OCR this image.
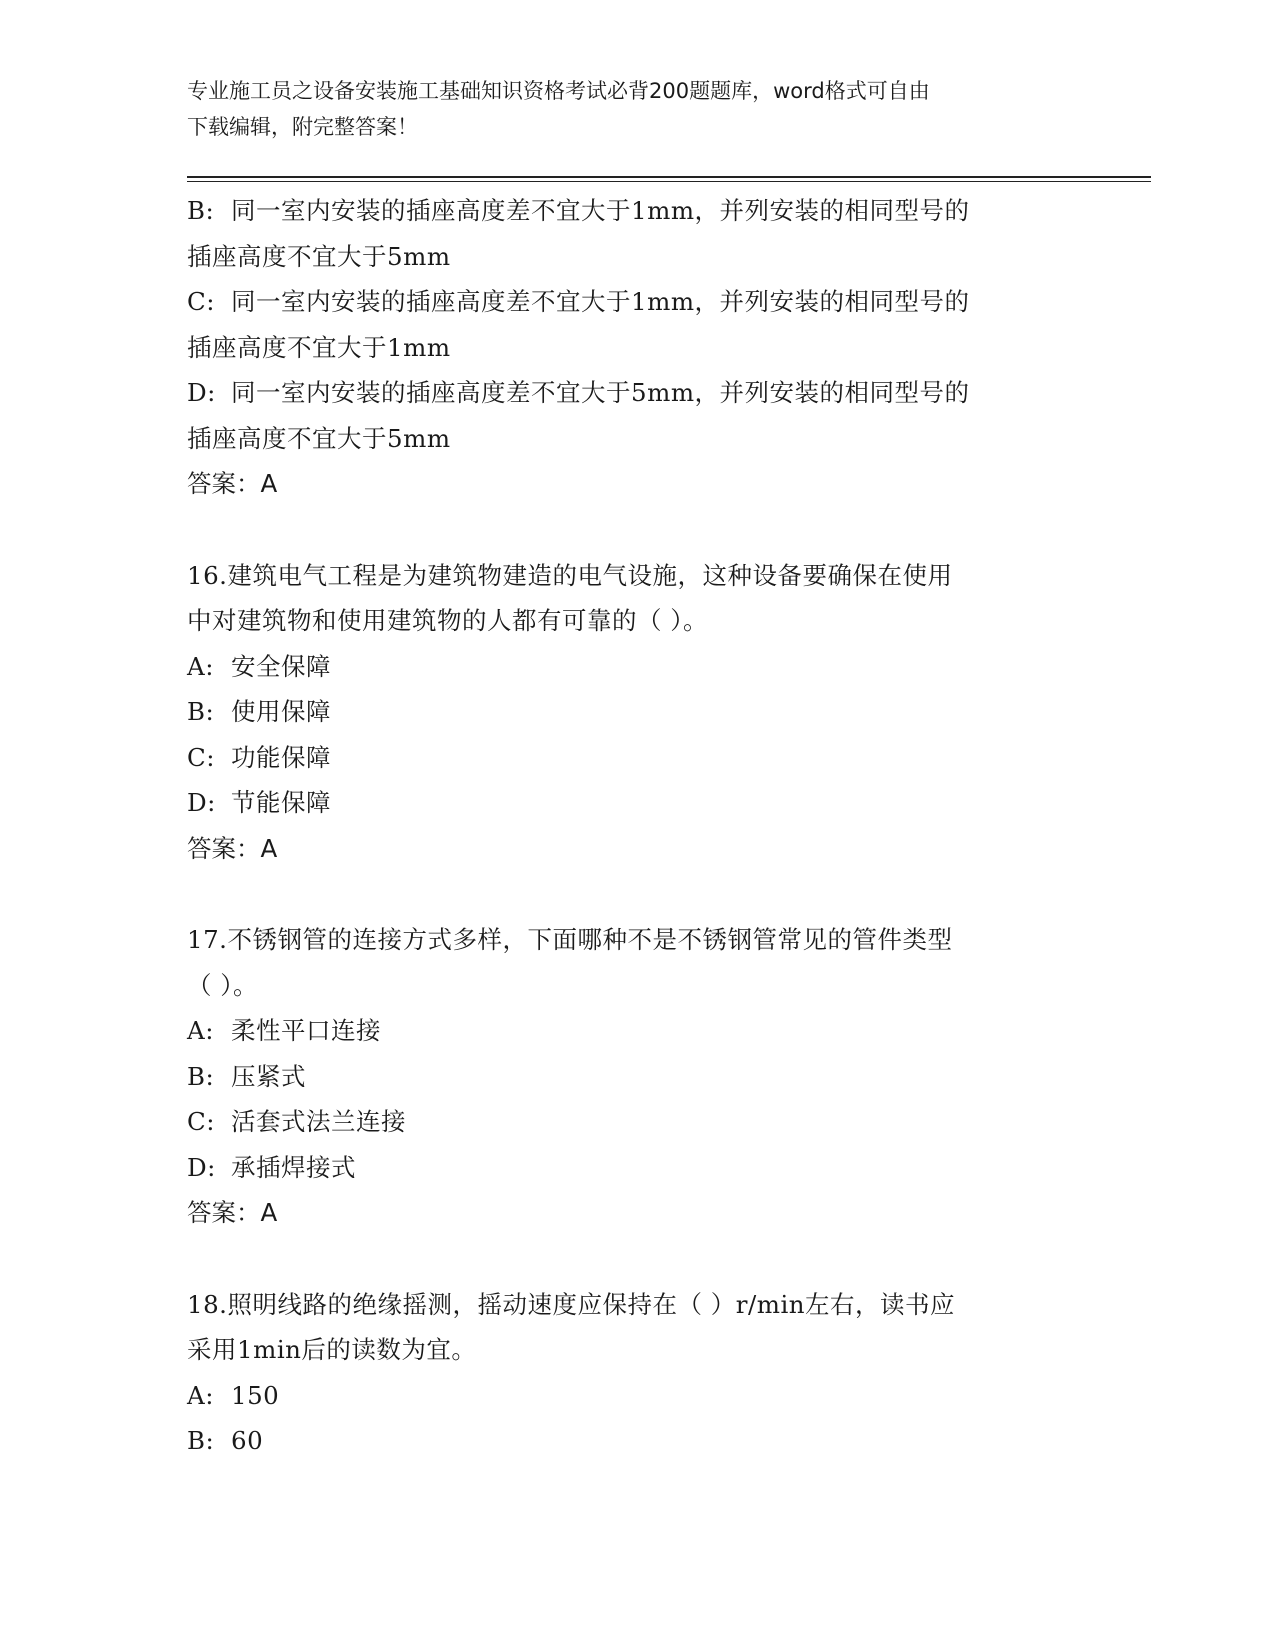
专业施工员之设备安装施工基础知识资格考试必背200题题库，word格式可自由
下载编辑，附完整答案！
B: 同一室内安装的插座高度差不宜大于1mm，并列安装的相同型号的
插座高度不宜大于5mm
C: 同一室内安装的插座高度差不宜大于1mm，并列安装的相同型号的
插座高度不宜大于1mm
D: 同一室内安装的插座高度差不宜大于5mm，并列安装的相同型号的
插座高度不宜大于5mm
答案：A
16.建筑电气工程是为建筑物建造的电气设施，这种设备要确保在使用
中对建筑物和使用建筑物的人都有可靠的（ ）。
A: 安全保障
B: 使用保障
C: 功能保障
D: 节能保障
答案：A
17.不锈钢管的连接方式多样，下面哪种不是不锈钢管常见的管件类型
（ ）。
A: 柔性平口连接
B: 压紧式
C: 活套式法兰连接
D: 承插焊接式
答案：A
18.照明线路的绝缘摇测，摇动速度应保持在（ ）r/min左右，读书应
采用1min后的读数为宜。
A: 150
B: 60
